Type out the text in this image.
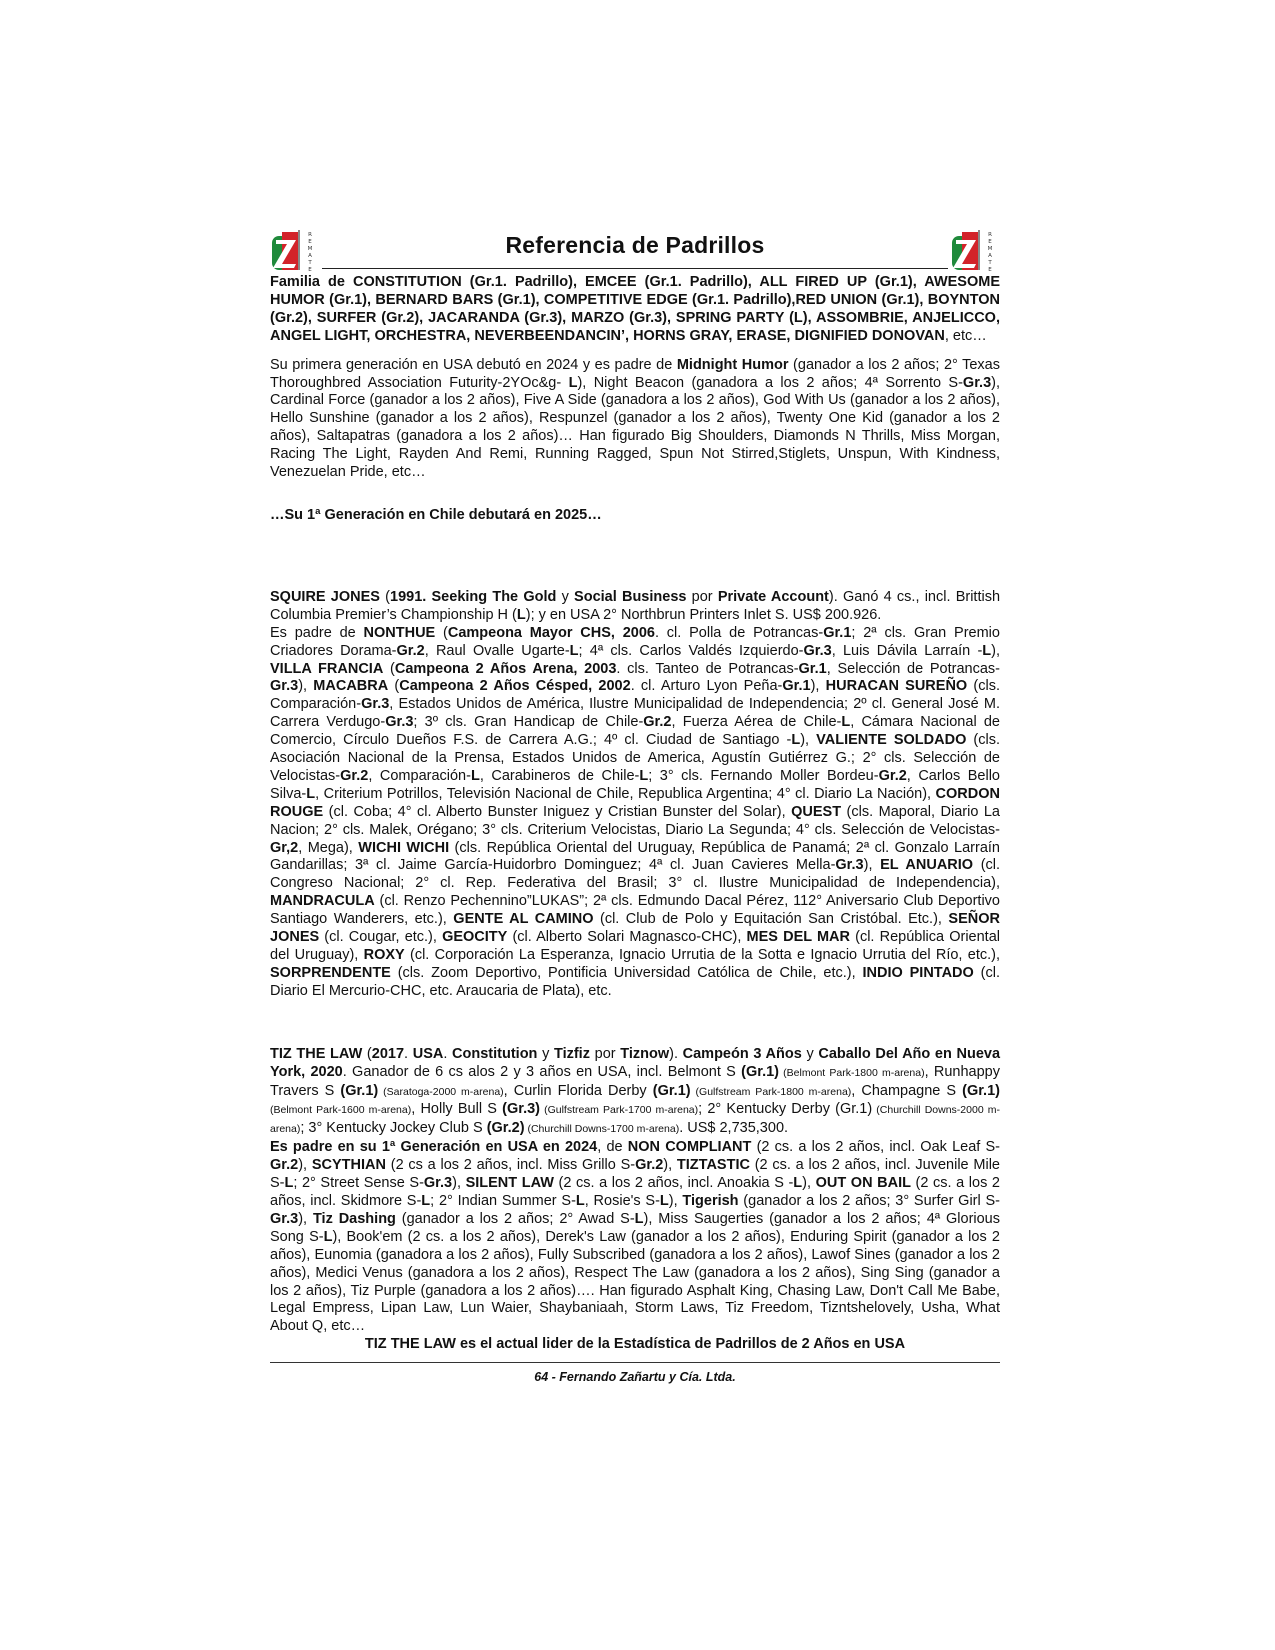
R
E
M
A
T
E
Referencia de Padrillos	R
E
M
A
T
E

Familia de CONSTITUTION (Gr.1. Padrillo), EMCEE (Gr.1. Padrillo), ALL FIRED UP (Gr.1), AWESOME HUMOR (Gr.1), BERNARD BARS (Gr.1), COMPETITIVE EDGE (Gr.1. Padrillo),RED UNION (Gr.1), BOYNTON (Gr.2), SURFER (Gr.2), JACARANDA (Gr.3), MARZO (Gr.3), SPRING PARTY (L), ASSOMBRIE, ANJELICCO, ANGEL LIGHT, ORCHESTRA, NEVERBEENDANCIN’, HORNS GRAY, ERASE, DIGNIFIED DONOVAN, etc…

Su primera generación en USA debutó en 2024 y es padre de Midnight Humor (ganador a los 2 años; 2° Texas Thoroughbred Association Futurity-2YOc&g- L), Night Beacon (ganadora a los 2 años; 4ª Sorrento S-Gr.3), Cardinal Force (ganador a los 2 años), Five A Side (ganadora a los 2 años), God With Us (ganador a los 2 años), Hello Sunshine (ganador a los 2 años), Respunzel (ganador a los 2 años), Twenty One Kid (ganador a los 2 años), Saltapatras (ganadora a los 2 años)… Han figurado Big Shoulders, Diamonds N Thrills, Miss Morgan, Racing The Light, Rayden And Remi, Running Ragged, Spun Not Stirred,Stiglets, Unspun, With Kindness, Venezuelan Pride, etc…

…Su 1ª Generación en Chile debutará en 2025…

SQUIRE JONES (1991. Seeking The Gold y Social Business por Private Account). Ganó 4 cs., incl. Brittish Columbia Premier’s Championship H (L); y en USA 2° Northbrun Printers Inlet S. US$ 200.926.

Es padre de NONTHUE (Campeona Mayor CHS, 2006. cl. Polla de Potrancas-Gr.1; 2ª cls. Gran Premio Criadores Dorama-Gr.2, Raul Ovalle Ugarte-L; 4ª cls. Carlos Valdés Izquierdo-Gr.3, Luis Dávila Larraín -L), VILLA FRANCIA (Campeona 2 Años Arena, 2003. cls. Tanteo de Potrancas-Gr.1, Selección de Potrancas-Gr.3), MACABRA (Campeona 2 Años Césped, 2002. cl. Arturo Lyon Peña-Gr.1), HURACAN SUREÑO (cls. Comparación-Gr.3, Estados Unidos de América, Ilustre Municipalidad de Independencia; 2º cl. General José M. Carrera Verdugo-Gr.3; 3º cls. Gran Handicap de Chile-Gr.2, Fuerza Aérea de Chile-L, Cámara Nacional de Comercio, Círculo Dueños F.S. de Carrera A.G.; 4º cl. Ciudad de Santiago -L), VALIENTE SOLDADO (cls. Asociación Nacional de la Prensa, Estados Unidos de America, Agustín Gutiérrez G.; 2° cls. Selección de Velocistas-Gr.2, Comparación-L, Carabineros de Chile-L; 3° cls. Fernando Moller Bordeu-Gr.2, Carlos Bello Silva-L, Criterium Potrillos, Televisión Nacional de Chile, Republica Argentina; 4° cl. Diario La Nación), CORDON ROUGE (cl. Coba; 4° cl. Alberto Bunster Iniguez y Cristian Bunster del Solar), QUEST (cls. Maporal, Diario La Nacion; 2° cls. Malek, Orégano; 3° cls. Criterium Velocistas, Diario La Segunda; 4° cls. Selección de Velocistas-Gr,2, Mega), WICHI WICHI (cls. República Oriental del Uruguay, República de Panamá; 2ª cl. Gonzalo Larraín Gandarillas; 3ª cl. Jaime García-Huidorbro Dominguez; 4ª cl. Juan Cavieres Mella-Gr.3), EL ANUARIO (cl. Congreso Nacional; 2° cl. Rep. Federativa del Brasil; 3° cl. Ilustre Municipalidad de Independencia), MANDRACULA (cl. Renzo Pechennino”LUKAS”; 2ª cls. Edmundo Dacal Pérez, 112° Aniversario Club Deportivo Santiago Wanderers, etc.), GENTE AL CAMINO (cl. Club de Polo y Equitación San Cristóbal. Etc.), SEÑOR JONES (cl. Cougar, etc.), GEOCITY (cl. Alberto Solari Magnasco-CHC), MES DEL MAR (cl. República Oriental del Uruguay), ROXY (cl. Corporación La Esperanza, Ignacio Urrutia de la Sotta e Ignacio Urrutia del Río, etc.), SORPRENDENTE (cls. Zoom Deportivo, Pontificia Universidad Católica de Chile, etc.), INDIO PINTADO (cl. Diario El Mercurio-CHC, etc. Araucaria de Plata), etc.

TIZ THE LAW (2017. USA. Constitution y Tizfiz por Tiznow). Campeón 3 Años y Caballo Del Año en Nueva York, 2020. Ganador de 6 cs alos 2 y 3 años en USA, incl. Belmont S (Gr.1) (Belmont Park-1800 m-arena), Runhappy Travers S (Gr.1) (Saratoga-2000 m-arena), Curlin Florida Derby (Gr.1) (Gulfstream Park-1800 m-arena), Champagne S (Gr.1) (Belmont Park-1600 m-arena), Holly Bull S (Gr.3) (Gulfstream Park-1700 m-arena); 2° Kentucky Derby (Gr.1) (Churchill Downs-2000 m-arena); 3° Kentucky Jockey Club S (Gr.2) (Churchill Downs-1700 m-arena). US$ 2,735,300.

Es padre en su 1ª Generación en USA en 2024, de NON COMPLIANT (2 cs. a los 2 años, incl. Oak Leaf S-Gr.2), SCYTHIAN (2 cs a los 2 años, incl. Miss Grillo S-Gr.2), TIZTASTIC (2 cs. a los 2 años, incl. Juvenile Mile S-L; 2° Street Sense S-Gr.3), SILENT LAW (2 cs. a los 2 años, incl. Anoakia S -L), OUT ON BAIL (2 cs. a los 2 años, incl. Skidmore S-L; 2° Indian Summer S-L, Rosie's S-L), Tigerish (ganador a los 2 años; 3° Surfer Girl S-Gr.3), Tiz Dashing (ganador a los 2 años; 2° Awad S-L), Miss Saugerties (ganador a los 2 años; 4ª Glorious Song S-L), Book'em (2 cs. a los 2 años), Derek's Law (ganador a los 2 años), Enduring Spirit (ganador a los 2 años), Eunomia (ganadora a los 2 años), Fully Subscribed (ganadora a los 2 años), Lawof Sines (ganador a los 2 años), Medici Venus (ganadora a los 2 años), Respect The Law (ganadora a los 2 años), Sing Sing (ganador a los 2 años), Tiz Purple (ganadora a los 2 años)…. Han figurado Asphalt King, Chasing Law, Don't Call Me Babe, Legal Empress, Lipan Law, Lun Waier, Shaybaniaah, Storm Laws, Tiz Freedom, Tizntshelovely, Usha, What About Q, etc…

TIZ THE LAW es el actual lider de la Estadística de Padrillos de 2 Años en USA

64 - Fernando Zañartu y Cía. Ltda.
